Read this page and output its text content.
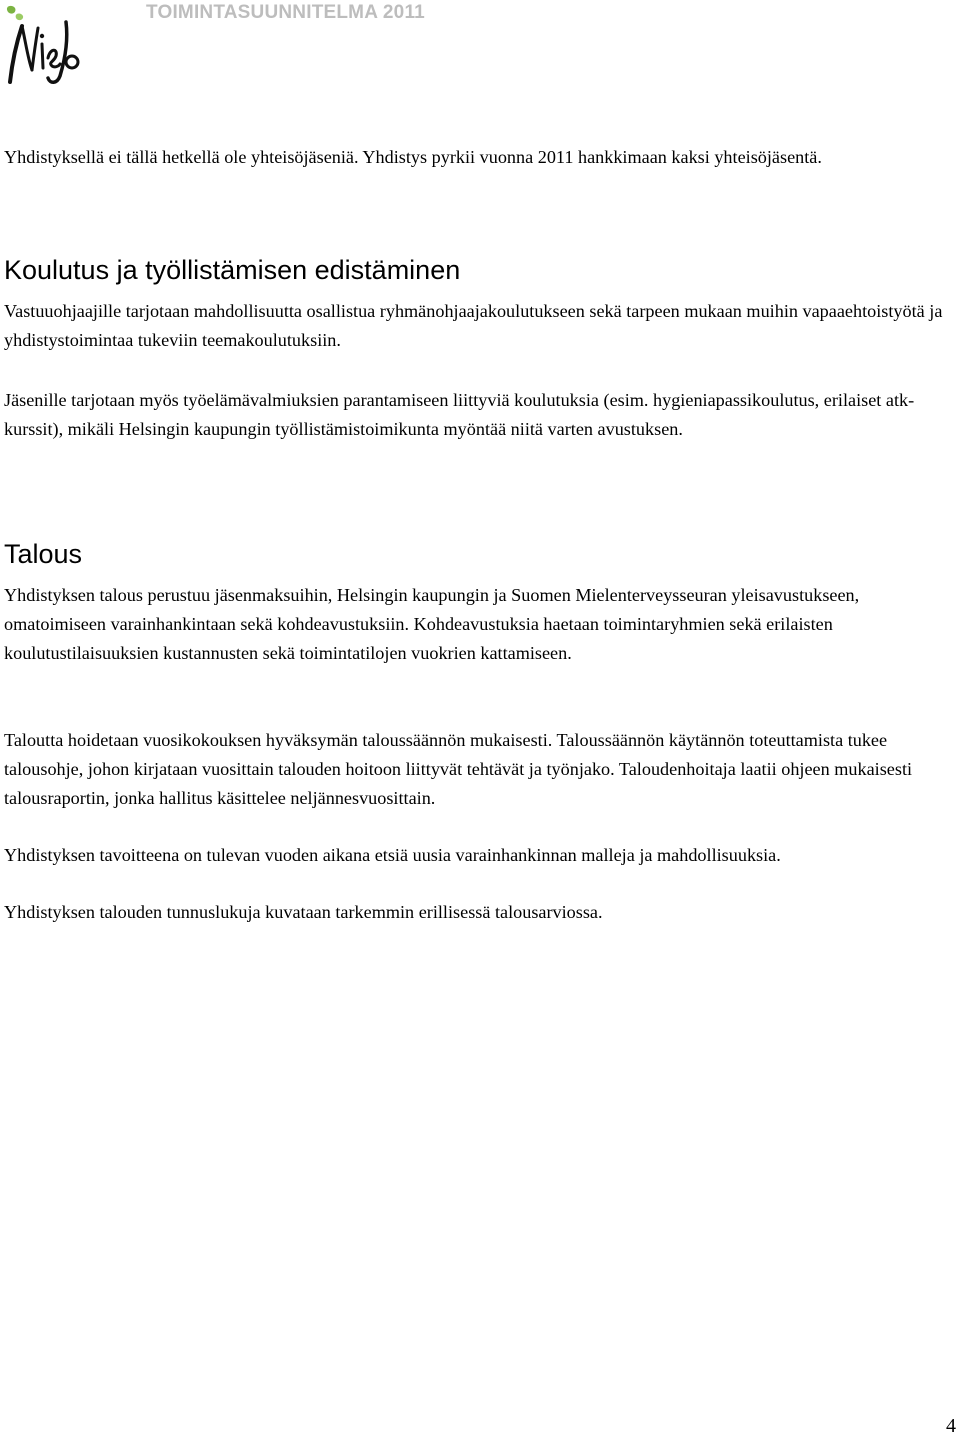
TOIMINTASUUNNITELMA 2011

Yhdistyksellä ei tällä hetkellä ole yhteisöjäseniä. Yhdistys pyrkii vuonna 2011 hankkimaan kaksi yhteisöjäsentä.

Koulutus ja työllistämisen edistäminen

Vastuuohjaajille tarjotaan mahdollisuutta osallistua ryhmänohjaajakoulutukseen sekä tarpeen mukaan muihin vapaaehtoistyötä ja yhdistystoimintaa tukeviin teemakoulutuksiin.

Jäsenille tarjotaan myös työelämävalmiuksien parantamiseen liittyviä koulutuksia (esim. hygieniapassikoulutus, erilaiset atk-kurssit), mikäli Helsingin kaupungin työllistämistoimikunta myöntää niitä varten avustuksen.

Talous

Yhdistyksen talous perustuu jäsenmaksuihin, Helsingin kaupungin ja Suomen Mielenterveysseuran yleisavustukseen, omatoimiseen varainhankintaan sekä kohdeavustuksiin. Kohdeavustuksia haetaan toimintaryhmien sekä erilaisten koulutustilaisuuksien kustannusten sekä toimintatilojen vuokrien kattamiseen.

Taloutta hoidetaan vuosikokouksen hyväksymän taloussäännön mukaisesti. Taloussäännön käytännön toteuttamista tukee talousohje, johon kirjataan vuosittain talouden hoitoon liittyvät tehtävät ja työnjako. Taloudenhoitaja laatii ohjeen mukaisesti talousraportin, jonka hallitus käsittelee neljännesvuosittain.

Yhdistyksen tavoitteena on tulevan vuoden aikana etsiä uusia varainhankinnan malleja ja mahdollisuuksia.

Yhdistyksen talouden tunnuslukuja kuvataan tarkemmin erillisessä talousarviossa.

4
